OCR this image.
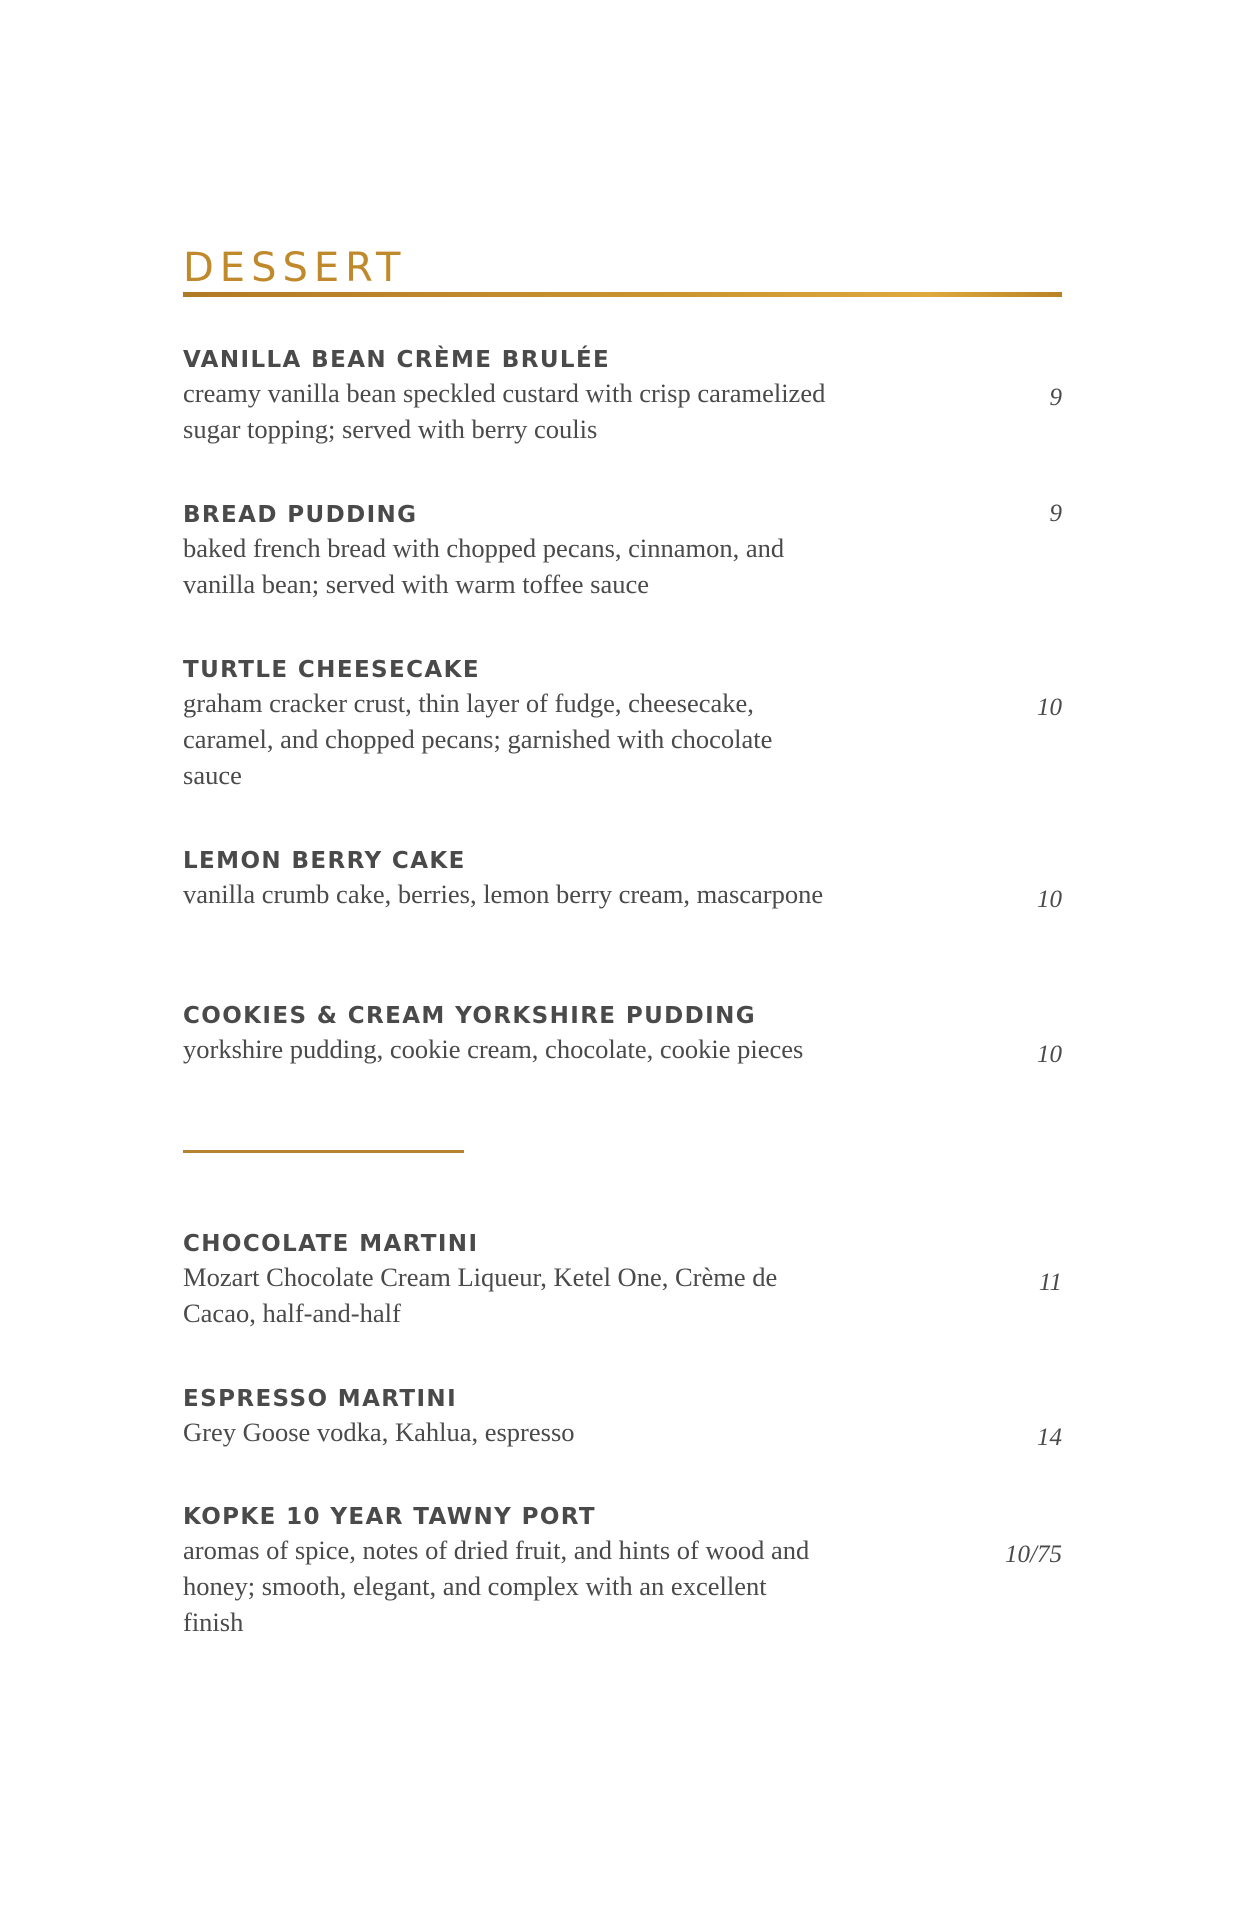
DESSERT
VANILLA BEAN CRÈME BRULÉE
creamy vanilla bean speckled custard with crisp caramelized sugar topping; served with berry coulis
9
BREAD PUDDING
baked french bread with chopped pecans, cinnamon, and vanilla bean; served with warm toffee sauce
9
TURTLE CHEESECAKE
graham cracker crust, thin layer of fudge, cheesecake, caramel, and chopped pecans; garnished with chocolate sauce
10
LEMON BERRY CAKE
vanilla crumb cake, berries, lemon berry cream, mascarpone	10
COOKIES & CREAM YORKSHIRE PUDDING
yorkshire pudding, cookie cream, chocolate, cookie pieces	10
CHOCOLATE MARTINI
Mozart Chocolate Cream Liqueur, Ketel One, Crème de Cacao, half-and-half
11
ESPRESSO MARTINI
Grey Goose vodka, Kahlua, espresso	14
KOPKE 10 YEAR TAWNY PORT
aromas of spice, notes of dried fruit, and hints of wood and honey; smooth, elegant, and complex with an excellent finish
10/75
